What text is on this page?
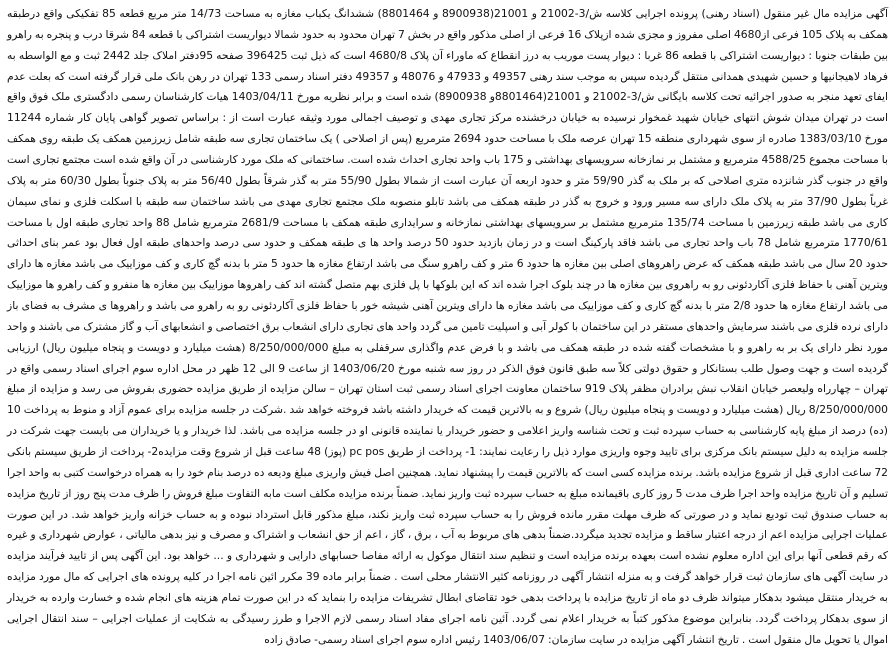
آگهی مزایده مال غیر منقول (اسناد رهنی) پرونده اجرایی کلاسه ش/3-21002 و 21001(8900938 و 8801464) ششدانگ یکباب مغازه به مساحت 14/73 متر مربع قطعه 85 تفکیکی واقع درطبقه همکف به پلاک 105 فرعی از4680 اصلی مفروز و مجزی شده ازپلاک 16 فرعی از اصلی مذکور واقع در بخش 7 تهران محدود به حدود شمالا دیواریست اشتراکی با قطعه 84 شرقا درب و پنجره به راهرو بین طبقات جنوبا : دیواریست اشتراکی با قطعه 86 غربا : دیوار پست موریب به درز انقطاع که ماوراء آن پلاک 4680/8 است که ذیل ثبت 396425 صفحه 95دفتر املاک جلد 2442 ثبت و مع الواسطه به فرهاد لاهیجانیها و حسین شهیدی همدانی منتقل گردیده سپس به موجب سند رهنی 49357 و 47933 و 48076 و 49357 دفتر اسناد رسمی 133 تهران در رهن بانک ملی قرار گرفته است که بعلت عدم ایفای تعهد منجر به صدور اجرائیه تحت کلاسه بایگانی ش/3-21002 و 21001(8801464و 8900938) شده است و برابر نظریه مورخ 1403/04/11 هیات کارشناسان رسمی دادگستری ملک فوق واقع است در تهران میدان شوش انتهای خیابان شهید غمخوار نرسیده به خیابان درخشنده مرکز تجاری مهدی و توصیف اجمالی مورد وثیقه عبارت است از : براساس تصویر گواهی پایان کار شماره 11244 مورخ 1383/03/10 صادره از سوی شهرداری منطقه 15 تهران عرصه ملک با مساحت حدود 2694 مترمربع (پس از اصلاحی ) یک ساختمان تجاری سه طبقه شامل زیرزمین همکف یک طبقه روی همکف با مساحت مجموع 4588/25 مترمربع و مشتمل بر نمازخانه سرویسهای بهداشتی و 175 باب واحد تجاری احداث شده است. ساختمانی که ملک مورد کارشناسی در آن واقع شده است مجتمع تجاری است واقع در جنوب گذر شانزده متری اصلاحی که بر ملک به گذر 59/90 متر و حدود اربعه آن عبارت است از شمالا بطول 55/90 متر به گذر شرقاً بطول 56/40 متر به پلاک جنوباً بطول 60/30 متر به پلاک غرباً بطول 37/90 متر به پلاک ملک دارای سه مسیر ورود و خروج به گذر در طبقه همکف می باشد تابلو منصوبه ملک مجتمع تجاری مهدی می باشد ساختمان سه طبقه با اسکلت فلزی و نمای سیمان کاری می باشد طبقه زیرزمین با مساحت 135/74 مترمربع مشتمل بر سرویسهای بهداشتی نمازخانه و سرایداری طبقه همکف با مساحت 2681/9 مترمربع شامل 88 واحد تجاری طبقه اول با مساحت 1770/61 مترمربع شامل 78 باب واحد تجاری می باشد فاقد پارکینگ است و در زمان بازدید حدود 50 درصد واحد ها ی طبقه همکف و حدود سی درصد واحدهای طبقه اول فعال بود عمر بنای احداثی حدود 20 سال می باشد طبقه همکف که عرض راهروهای اصلی بین مغازه ها حدود 6 متر و کف راهرو سنگ می باشد ارتفاع مغازه ها حدود 5 متر با بدنه گچ کاری و کف موزاییک می باشد مغازه ها دارای ویترین آهنی با حفاظ فلزی آکاردئونی رو به راهروی بین مغازه ها در چند بلوک اجرا شده اند که این بلوکها با پل فلزی بهم متصل گشته اند کف راهروها موزاییک بین مغازه ها منفرو و کف راهرو ها موزاییک می باشد ارتفاع مغازه ها حدود 2/8 متر با بدنه گچ کاری و کف موزاییک می باشد مغازه ها دارای ویترین آهنی شیشه خور با حفاظ فلزی آکاردئونی رو به راهرو می باشد و راهروها ی مشرف به فضای باز دارای نرده فلزی می باشند سرمایش واحدهای مستقر در این ساختمان با کولر آبی و اسپلیت تامین می گردد واحد های تجاری دارای انشعاب برق اختصاصی و انشعابهای آب و گاز مشترک می باشند و واحد مورد نظر دارای یک بر به راهرو و با مشخصات گفته شده در طبقه همکف می باشد و با فرض عدم واگذاری سرقفلی به مبلغ 8/250/000/000 (هشت میلیارد و دویست و پنجاه میلیون ریال) ارزیابی گردیده است و جهت وصول طلب بستانکار و حقوق دولتی کلاً سه طبق قانون فوق الذکر در روز سه شنبه مورخ 1403/06/20 از ساعت 9 الی 12 ظهر در محل اداره سوم اجرای اسناد رسمی واقع در تهران – چهارراه ولیعصر خیابان انقلاب نبش برادران مظفر پلاک 919 ساختمان معاونت اجرای اسناد رسمی ثبت استان تهران – سالن مزایده از طریق مزایده حضوری بفروش می رسد و مزایده از مبلغ 8/250/000/000 ریال (هشت میلیارد و دویست و پنجاه میلیون ریال) شروع و به بالاترین قیمت که خریدار داشته باشد فروخته خواهد شد .شرکت در جلسه مزایده برای عموم آزاد و منوط به پرداخت 10 (ده) درصد از مبلغ پایه کارشناسی به حساب سپرده ثبت و تحت شناسه واریز اعلامی و حضور خریدار یا نماینده قانونی او در جلسه مزایده می باشد. لذا خریدار و یا خریداران می بایست جهت شرکت در جلسه مزایده به دلیل سیستم بانک مرکزی برای تایید وجوه واریزی موارد ذیل را رعایت نمایند: 1- پرداخت از طریق pc pos (پوز) 48 ساعت قبل از شروع وقت مزایده2- پرداخت از طریق سیستم بانکی 72 ساعت اداری قبل از شروع مزایده باشد. برنده مزایده کسی است که بالاترین قیمت را پیشنهاد نماید. همچنین اصل فیش واریزی مبلغ ودیعه ده درصد بنام خود را به همراه درخواست کتبی به واحد اجرا تسلیم و آن تاریخ مزایده واحد اجرا ظرف مدت 5 روز کاری باقیمانده مبلغ به حساب سپرده ثبت واریز نماید. ضمناً برنده مزایده مکلف است مابه التفاوت مبلغ فروش را ظرف مدت پنج روز از تاریخ مزایده به حساب صندوق ثبت تودیع نماید و در صورتی که ظرف مهلت مقرر مانده فروش را به حساب سپرده ثبت واریز نکند، مبلغ مذکور قابل استرداد نبوده و به حساب خزانه واریز خواهد شد. در این صورت عملیات اجرایی مزایده اعم از درجه اعتبار ساقط و مزایده تجدید میگردد.ضمناً بدهی های مربوط به آب ، برق ، گاز ، اعم از حق انشعاب و اشتراک و مصرف و نیز بدهی مالیاتی ، عوارض شهرداری و غیره که رقم قطعی آنها برای این اداره معلوم نشده است بعهده برنده مزایده است و تنظیم سند انتقال موکول به ارائه مفاصا حسابهای دارایی و شهرداری و ... خواهد بود. این آگهی پس از تایید فرآیند مزایده در سایت آگهی های سازمان ثبت قرار خواهد گرفت و به منزله انتشار آگهی در روزنامه کثیر الانتشار محلی است . ضمناً برابر ماده 39 مکرر ائین نامه اجرا در کلیه پرونده های اجرایی که مال مورد مزایده به خریدار منتقل میشود بدهکار میتواند ظرف دو ماه از تاریخ مزایده با پرداخت بدهی خود تقاضای ابطال تشریفات مزایده را بنماید که در این صورت تمام هزینه های انجام شده و خسارت وارده به خریدار از سوی بدهکار پرداخت گردد. بنابراین موضوع مذکور کتباً به خریدار اعلام نمی گردد. آئین نامه اجرای مفاد اسناد رسمی لازم الاجرا و طرز رسیدگی به شکایت از عملیات اجرایی – سند انتقال اجرایی اموال یا تحویل مال منقول است . تاریخ انتشار آگهی مزایده در سایت سازمان: 1403/06/07 رئیس اداره سوم اجرای اسناد رسمی- صادق زاده
